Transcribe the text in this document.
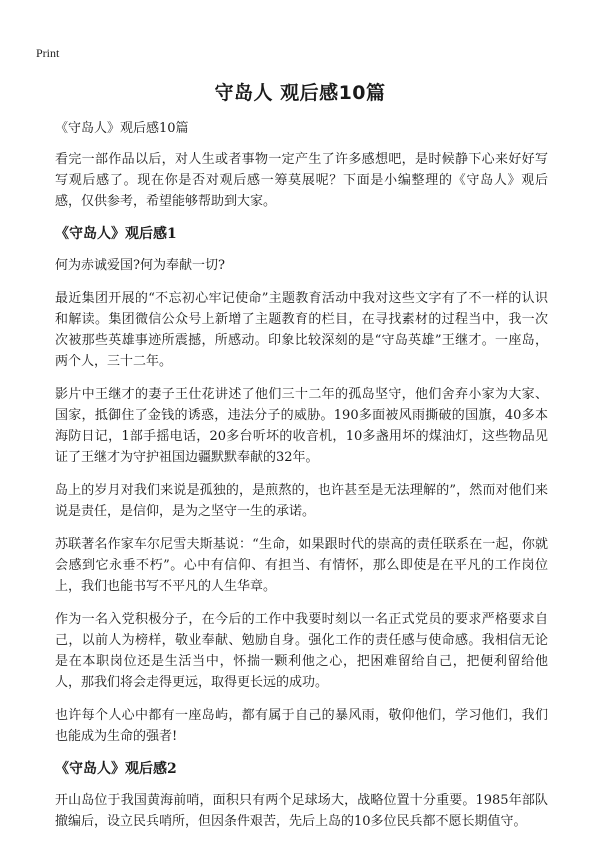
Print
守岛人 观后感10篇

《守岛人》观后感10篇

看完一部作品以后，对人生或者事物一定产生了许多感想吧，是时候静下心来好好写写观后感了。现在你是否对观后感一筹莫展呢？下面是小编整理的《守岛人》观后感，仅供参考，希望能够帮助到大家。

《守岛人》观后感1

何为赤诚爱国?何为奉献一切?

最近集团开展的“不忘初心牢记使命”主题教育活动中我对这些文字有了不一样的认识和解读。集团微信公众号上新增了主题教育的栏目，在寻找素材的过程当中，我一次次被那些英雄事迹所震撼，所感动。印象比较深刻的是“守岛英雄”王继才。一座岛，两个人，三十二年。

影片中王继才的妻子王仕花讲述了他们三十二年的孤岛坚守，他们舍弃小家为大家、国家，抵御住了金钱的诱惑，违法分子的威胁。190多面被风雨撕破的国旗，40多本海防日记，1部手摇电话，20多台听坏的收音机，10多盏用坏的煤油灯，这些物品见证了王继才为守护祖国边疆默默奉献的32年。

岛上的岁月对我们来说是孤独的，是煎熬的，也许甚至是无法理解的”，然而对他们来说是责任，是信仰，是为之坚守一生的承诺。

苏联著名作家车尔尼雪夫斯基说：“生命，如果跟时代的崇高的责任联系在一起，你就会感到它永垂不朽”。心中有信仰、有担当、有情怀，那么即使是在平凡的工作岗位上，我们也能书写不平凡的人生华章。

作为一名入党积极分子，在今后的工作中我要时刻以一名正式党员的要求严格要求自己，以前人为榜样，敬业奉献、勉励自身。强化工作的责任感与使命感。我相信无论是在本职岗位还是生活当中，怀揣一颗利他之心，把困难留给自己，把便利留给他人，那我们将会走得更远，取得更长远的成功。

也许每个人心中都有一座岛屿，都有属于自己的暴风雨，敬仰他们，学习他们，我们也能成为生命的强者!

《守岛人》观后感2

开山岛位于我国黄海前哨，面积只有两个足球场大，战略位置十分重要。1985年部队撤编后，设立民兵哨所，但因条件艰苦，先后上岛的10多位民兵都不愿长期值守。
